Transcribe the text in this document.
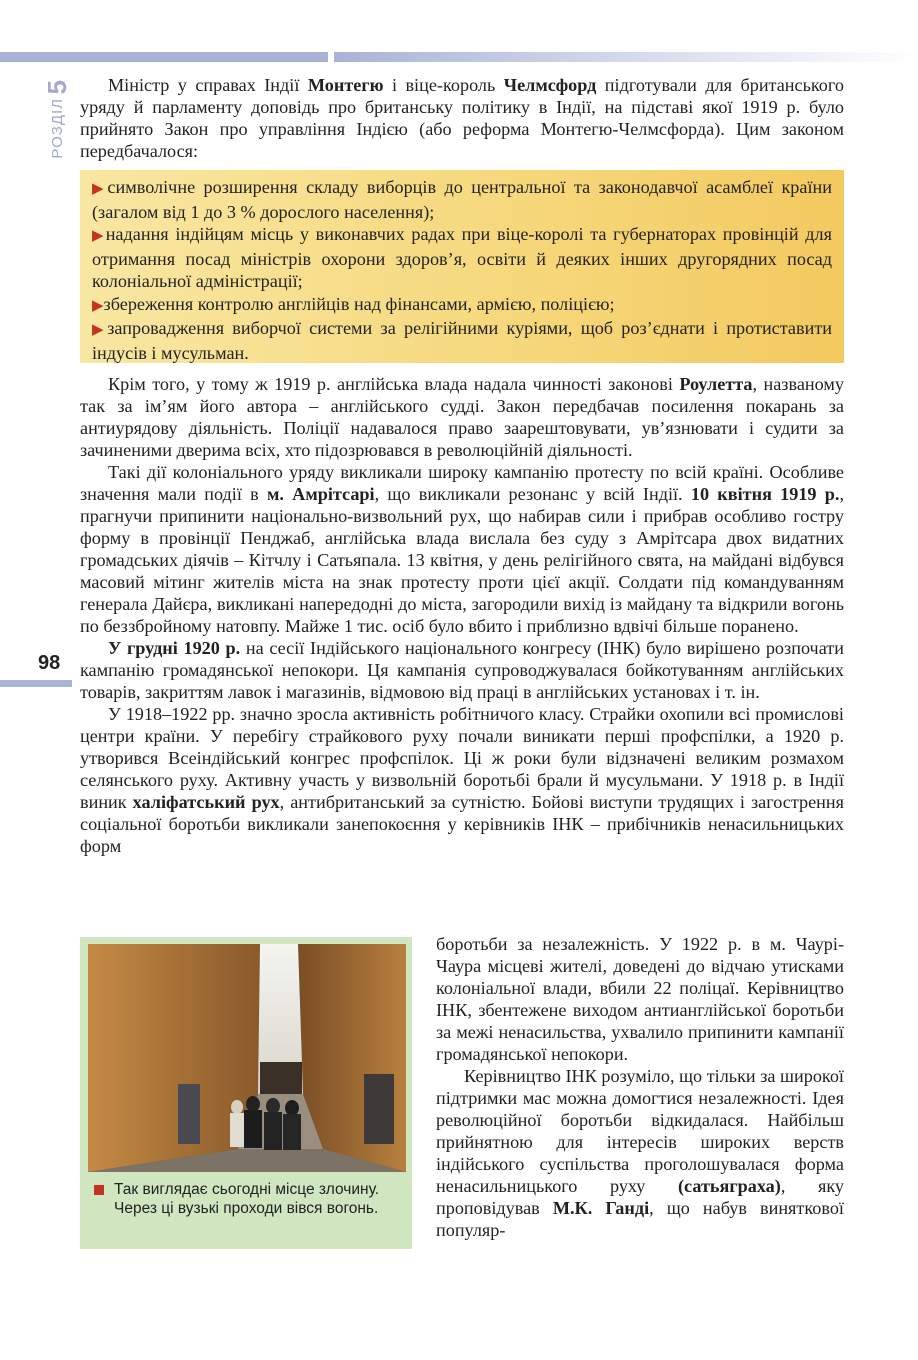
5
РОЗДІЛ

Міністр у справах Індії Монтегю і віце-король Челмсфорд підготували для британського уряду й парламенту доповідь про британську політику в Індії, на підставі якої 1919 р. було прийнято Закон про управління Індією (або реформа Монтегю-Челмсфорда). Цим законом передбачалося:

▶символічне розширення складу виборців до центральної та законодавчої асамблеї країни (загалом від 1 до 3 % дорослого населення);
▶надання індійцям місць у виконавчих радах при віце-королі та губернаторах провінцій для отримання посад міністрів охорони здоров’я, освіти й деяких інших другорядних посад колоніальної адміністрації;
▶збереження контролю англійців над фінансами, армією, поліцією;
▶запровадження виборчої системи за релігійними куріями, щоб роз’єднати і протиставити індусів і мусульман.

Крім того, у тому ж 1919 р. англійська влада надала чинності законові Роулетта, названому так за ім’ям його автора – англійського судді. Закон передбачав посилення покарань за антиурядову діяльність. Поліції надавалося право заарештовувати, ув’язнювати і судити за зачиненими дверима всіх, хто підозрювався в революційній діяльності.

Такі дії колоніального уряду викликали широку кампанію протесту по всій країні. Особливе значення мали події в м. Амрітсарі, що викликали резонанс у всій Індії. 10 квітня 1919 р., прагнучи припинити національно-визвольний рух, що набирав сили і прибрав особливо гостру форму в провінції Пенджаб, англійська влада вислала без суду з Амрітсара двох видатних громадських діячів – Кітчлу і Сатьяпала. 13 квітня, у день релігійного свята, на майдані відбувся масовий мітинг жителів міста на знак протесту проти цієї акції. Солдати під командуванням генерала Дайєра, викликані напередодні до міста, загородили вихід із майдану та відкрили вогонь по беззбройному натовпу. Майже 1 тис. осіб було вбито і приблизно вдвічі більше поранено.

У грудні 1920 р. на сесії Індійського національного конгресу (ІНК) було вирішено розпочати кампанію громадянської непокори. Ця кампанія супроводжувалася бойкотуванням англійських товарів, закриттям лавок і магазинів, відмовою від праці в англійських установах і т. ін.

У 1918–1922 рр. значно зросла активність робітничого класу. Страйки охопили всі промислові центри країни. У перебігу страйкового руху почали виникати перші профспілки, а 1920 р. утворився Всеіндійський конгрес профспілок. Ці ж роки були відзначені великим розмахом селянського руху. Активну участь у визвольній боротьбі брали й мусульмани. У 1918 р. в Індії виник халіфатський рух, антибританський за сутністю. Бойові виступи трудящих і загострення соціальної боротьби викликали занепокоєння у керівників ІНК – прибічників ненасильницьких форм

98
Так виглядає сьогодні місце злочину. Через ці вузькі проходи вівся вогонь.

боротьби за незалежність. У 1922 р. в м. Чаурі-Чаура місцеві жителі, доведені до відчаю утисками колоніальної влади, вбили 22 поліцаї. Керівництво ІНК, збентежене виходом антианглійської боротьби за межі ненасильства, ухвалило припинити кампанії громадянської непокори.

Керівництво ІНК розуміло, що тільки за широкої підтримки мас можна домогтися незалежності. Ідея революційної боротьби відкидалася. Найбільш прийнятною для інтересів широких верств індійського суспільства проголошувалася форма ненасильницького руху (сатьяграха), яку проповідував М.К. Ганді, що набув виняткової популяр-
